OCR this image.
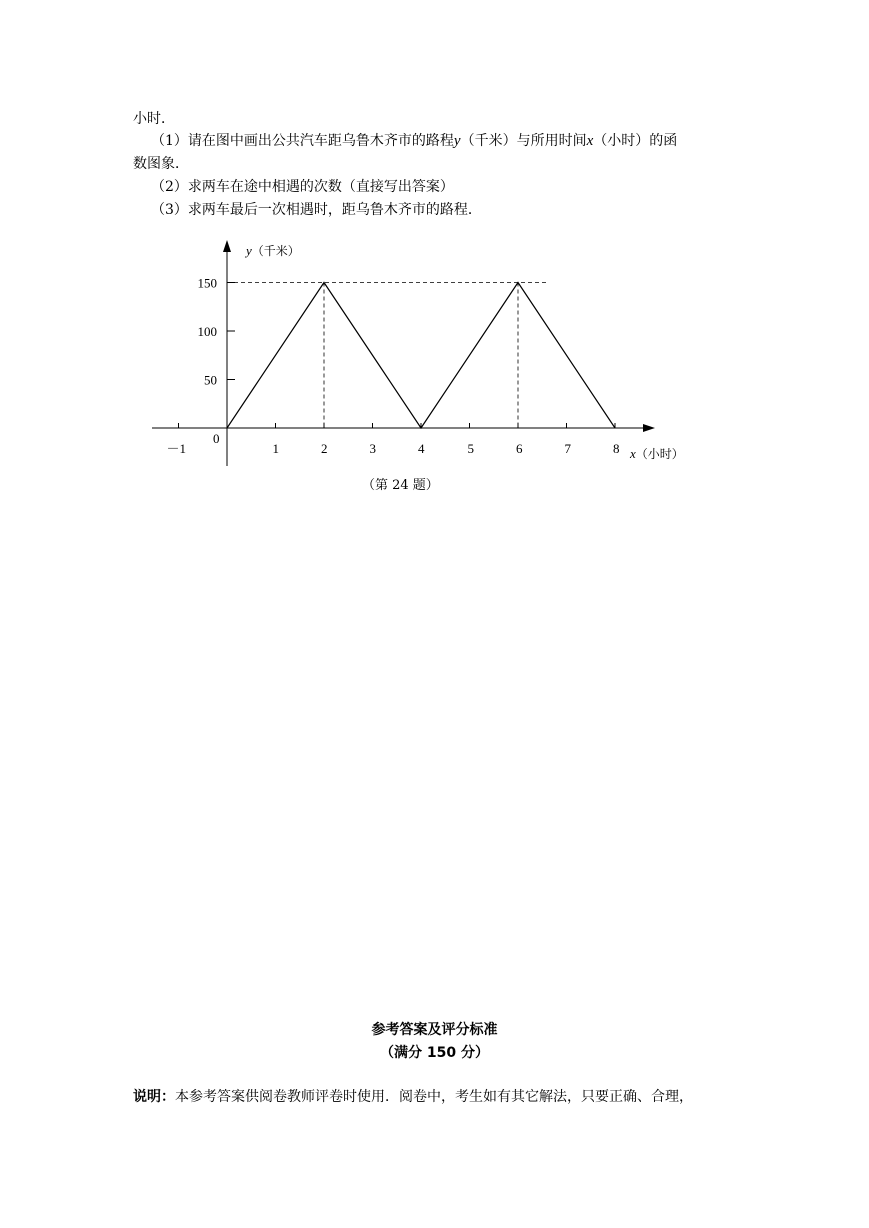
小时．
（1）请在图中画出公共汽车距乌鲁木齐市的路程y（千米）与所用时间x（小时）的函
数图象．
（2）求两车在途中相遇的次数（直接写出答案）
（3）求两车最后一次相遇时，距乌鲁木齐市的路程．
－1
0
1	2	3	4	5	6	7	8
50
100
150
y（千米）
x（小时）
（第 24 题）
参考答案及评分标准
（满分 150 分）
说明：本参考答案供阅卷教师评卷时使用．阅卷中，考生如有其它解法，只要正确、合理，
